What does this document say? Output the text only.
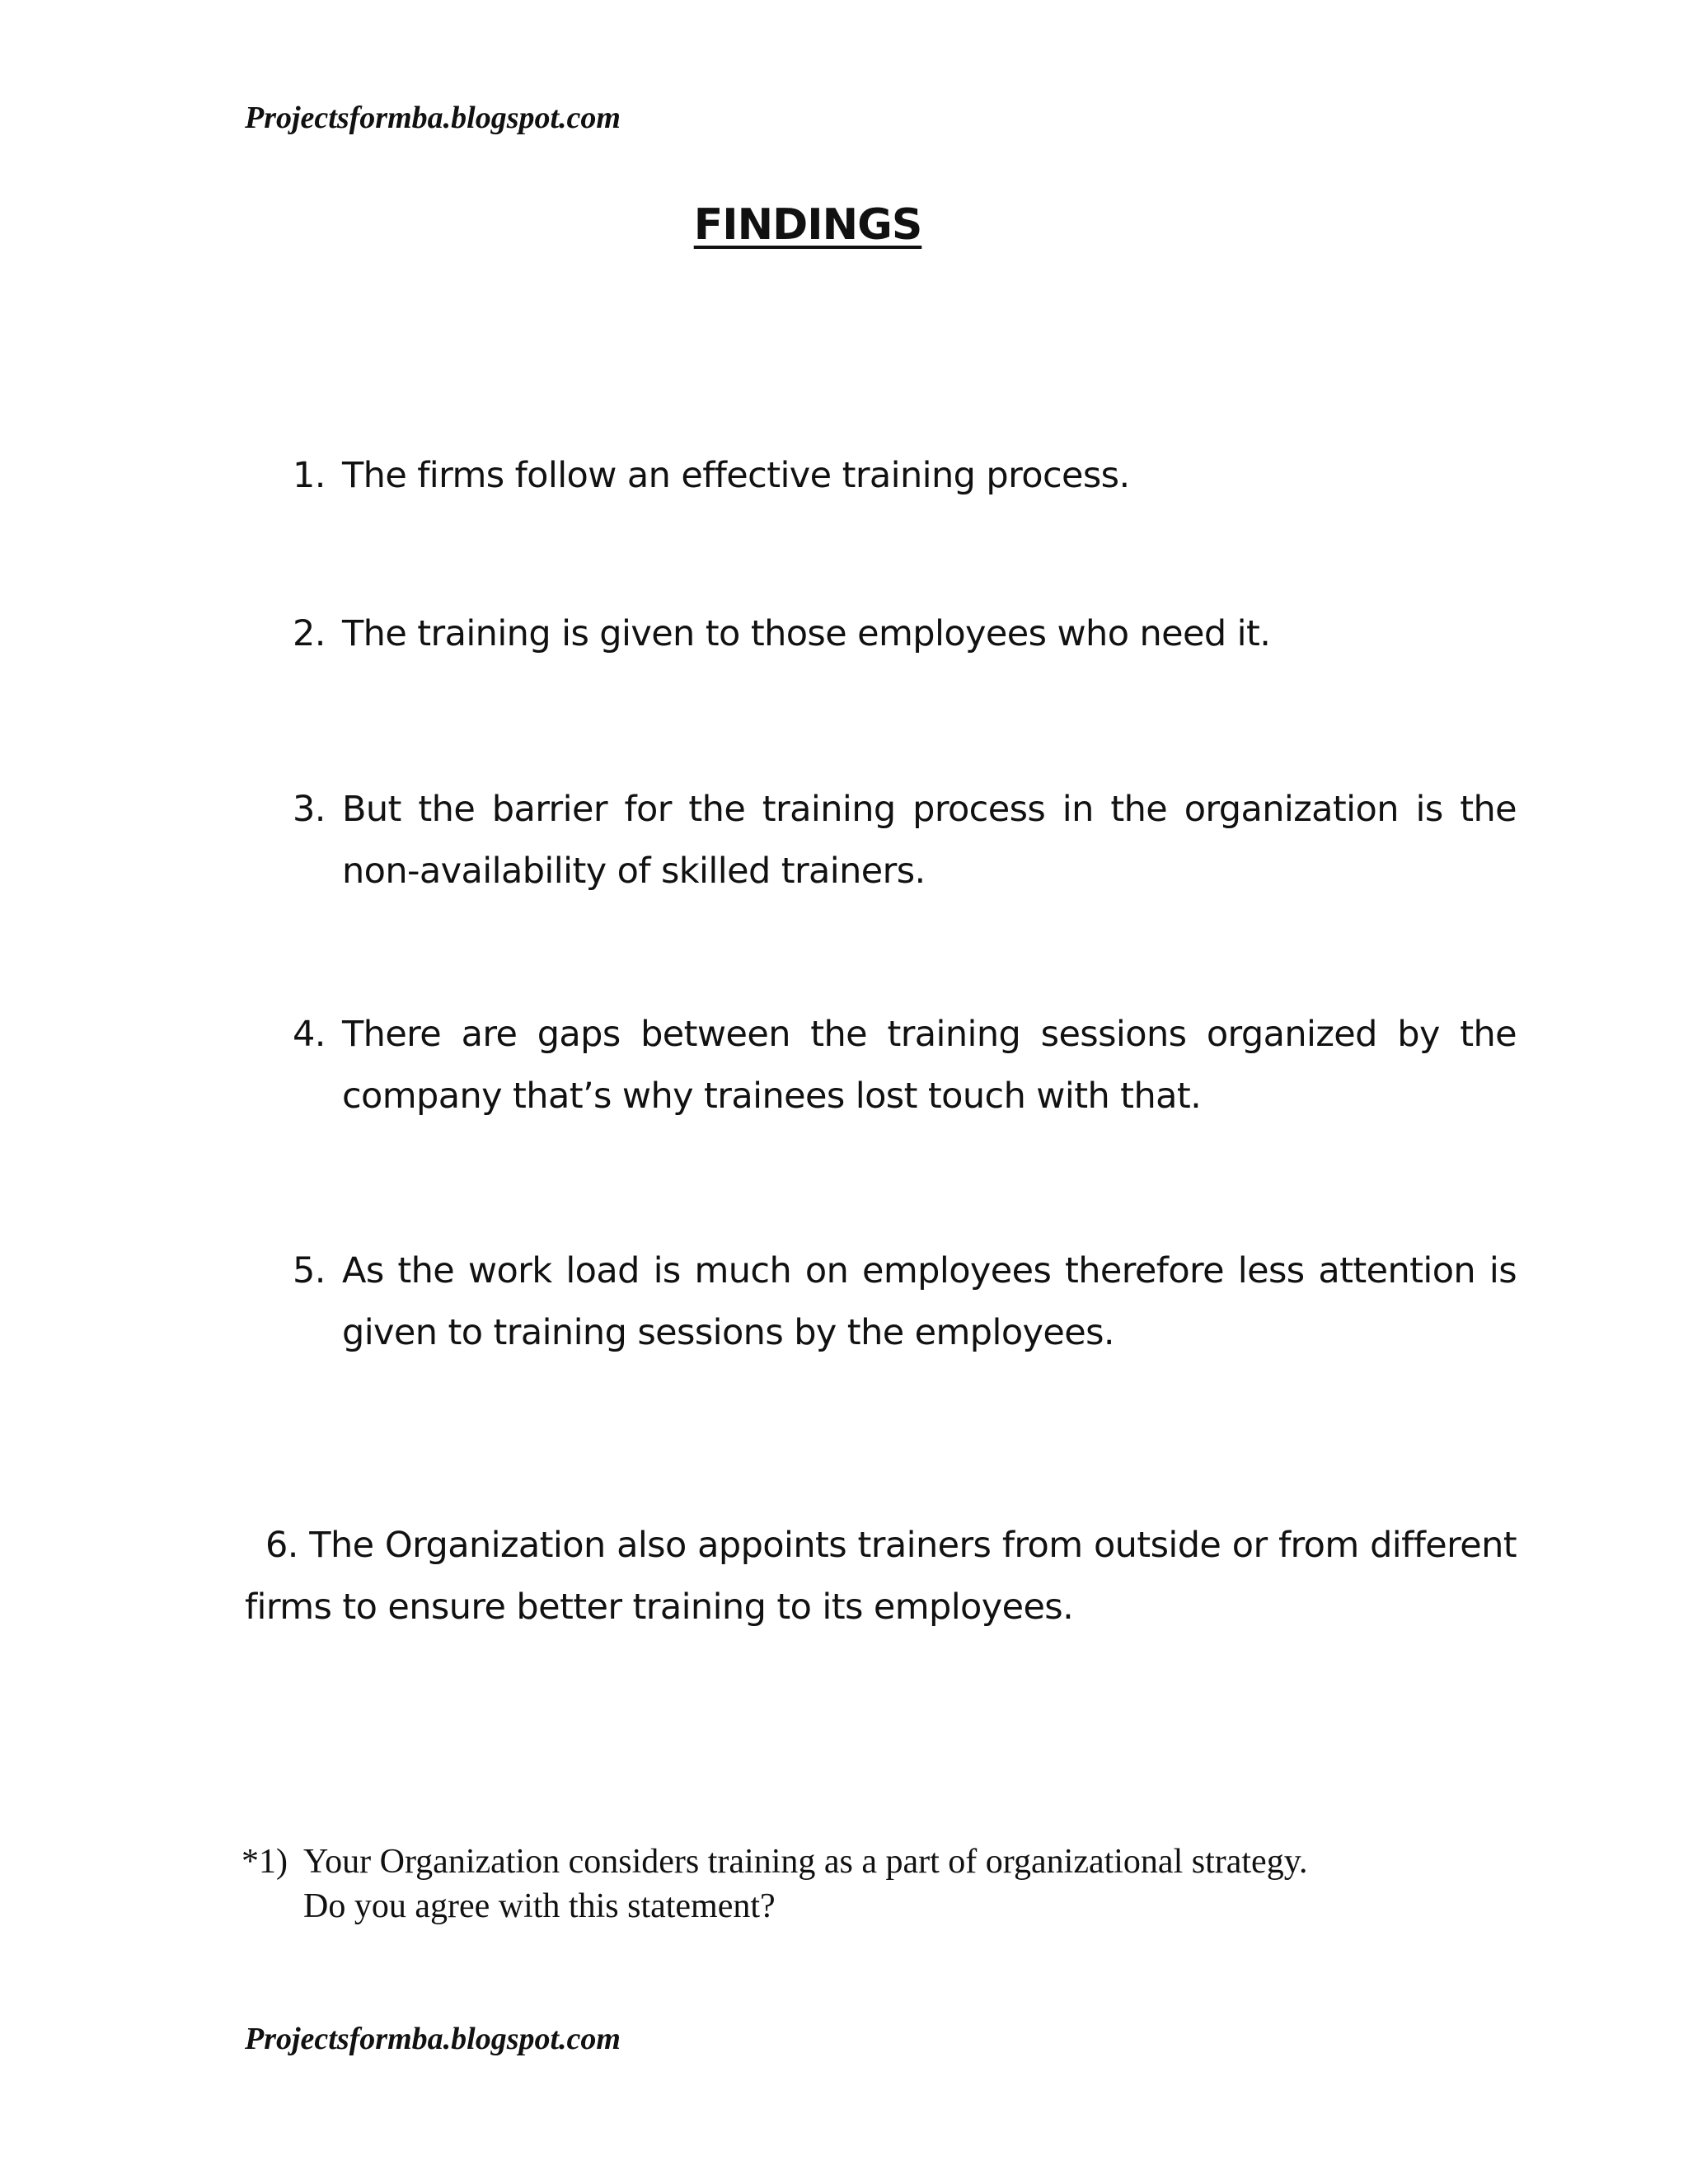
Projectsformba.blogspot.com
FINDINGS
1. The firms follow an effective training process.
2. The training is given to those employees who need it.
3. But the barrier for the training process in the organization is the non-availability of skilled trainers.
4. There are gaps between the training sessions organized by the company that’s why trainees lost touch with that.
5. As the work load is much on employees therefore less attention is given to training sessions by the employees.
6. The Organization also appoints trainers from outside or from different firms to ensure better training to its employees.
*1) Your Organization considers training as a part of organizational strategy.
Do you agree with this statement?
Projectsformba.blogspot.com
